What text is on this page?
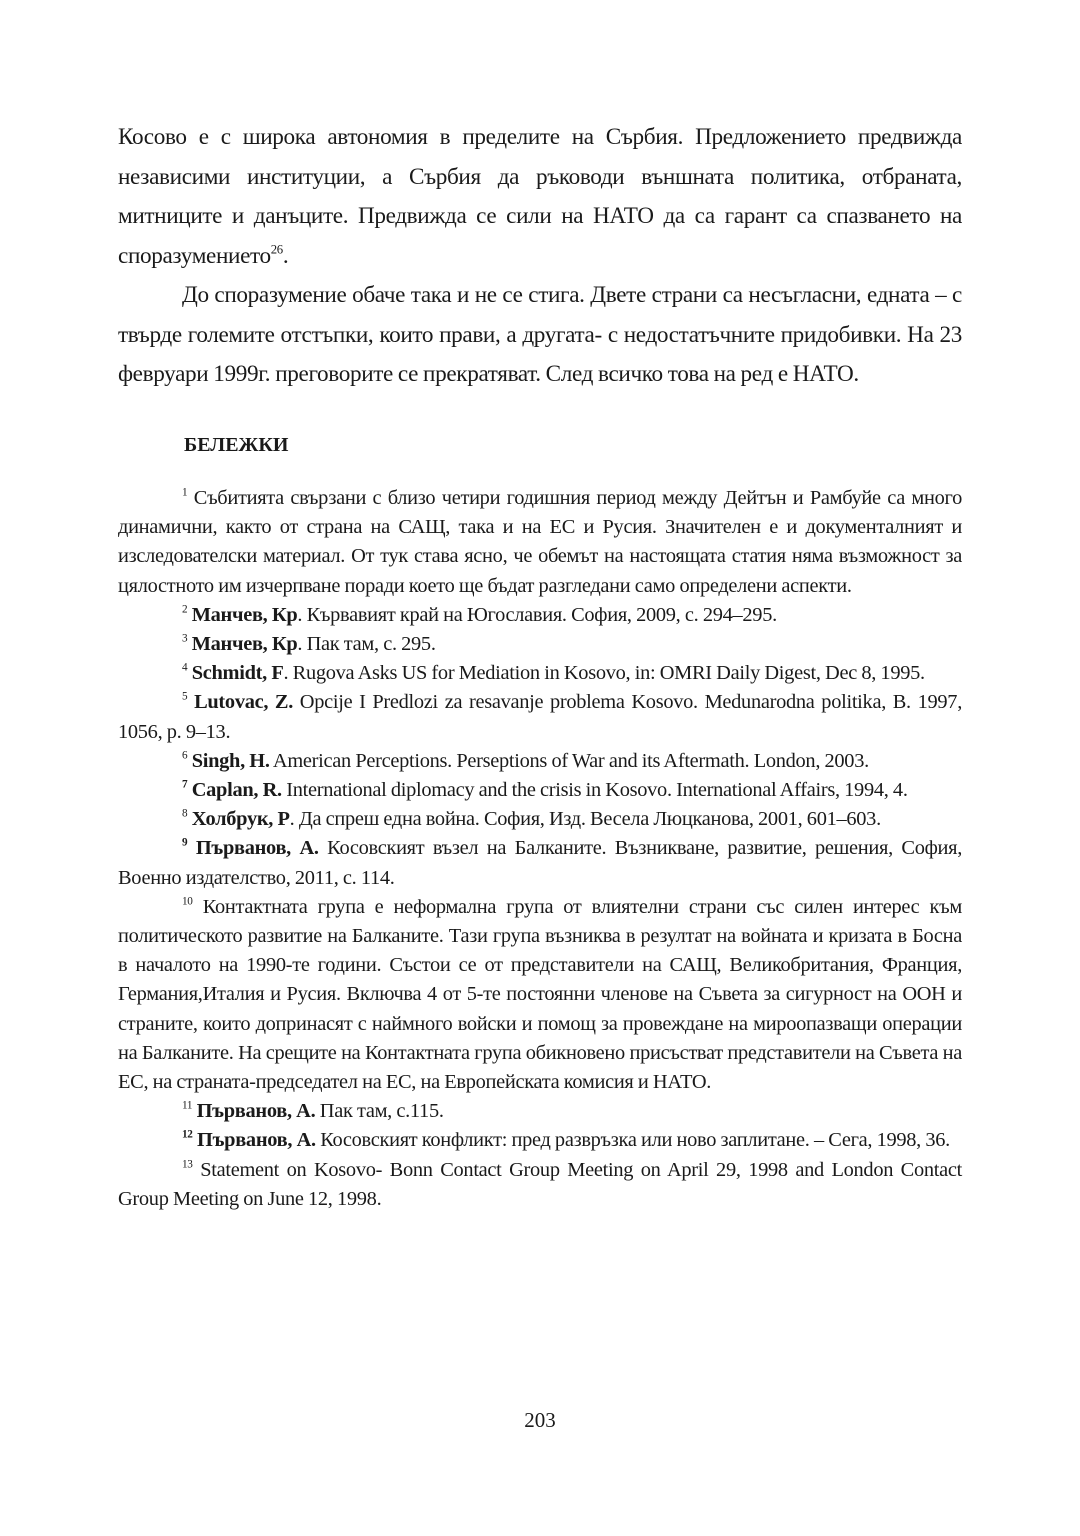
Косово е с широка автономия в пределите на Сърбия. Предложението предвижда независими институции, а Сърбия да ръководи външната политика, отбраната, митниците и данъците. Предвижда се сили на НАТО да са гарант са спазването на споразумението$^{26}$.

До споразумение обаче така и не се стига. Двете страни са несъгласни, едната – с твърде големите отстъпки, които прави, а другата- с недостатъчните придобивки. На 23 февруари 1999г. преговорите се прекратяват. След всичко това на ред е НАТО.

БЕЛЕЖКИ

$^1$ Събитията свързани с близо четири годишния период между Дейтън и Рамбуйе са много динамични, както от страна на САЩ, така и на ЕС и Русия. Значителен е и документалният и изследователски материал. От тук става ясно, че обемът на настоящата статия няма възможност за цялостното им изчерпване поради което ще бъдат разгледани само определени аспекти.

$^2$ Манчев, Кр. Кървавият край на Югославия. София, 2009, с. 294–295.

$^3$ Манчев, Кр. Пак там, с. 295.

$^4$ Schmidt, F. Rugova Asks US for Mediation in Kosovo, in: OMRI Daily Digest, Dec 8, 1995.

$^5$ Lutovac, Z. Opcije I Predlozi za resavanje problema Kosovo. Medunarodna politika, B. 1997, 1056, p. 9–13.

$^6$ Singh, H. American Perceptions. Perseptions of War and its Aftermath. London, 2003.

$^7$ Caplan, R. International diplomacy and the crisis in Kosovo. International Affairs, 1994, 4.

$^8$ Холбрук, Р. Да спреш една война. София, Изд. Весела Люцканова, 2001, 601–603.

$^9$ Първанов, А. Косовският възел на Балканите. Възникване, развитие, решения, София, Военно издателство, 2011, с. 114.

$^{10}$ Контактната група е неформална група от влиятелни страни със силен интерес към политическото развитие на Балканите. Тази група възниква в резултат на войната и кризата в Босна в началото на 1990-те години. Състои се от представители на САЩ, Великобритания, Франция, Германия,Италия и Русия. Включва 4 от 5-те постоянни членове на Съвета за сигурност на ООН и страните, които допринасят с наймного войски и помощ за провеждане на мироопазващи операции на Балканите. На срещите на Контактната група обикновено присъстват представители на Съвета на ЕС, на страната-председател на ЕС, на Европейската комисия и НАТО.

$^{11}$ Първанов, А. Пак там, с.115.

$^{12}$ Първанов, А. Косовският конфликт: пред развръзка или ново заплитане. – Сега, 1998, 36.

$^{13}$ Statement on Kosovo- Bonn Contact Group Meeting on April 29, 1998 and London Contact Group Meeting on June 12, 1998.

203
